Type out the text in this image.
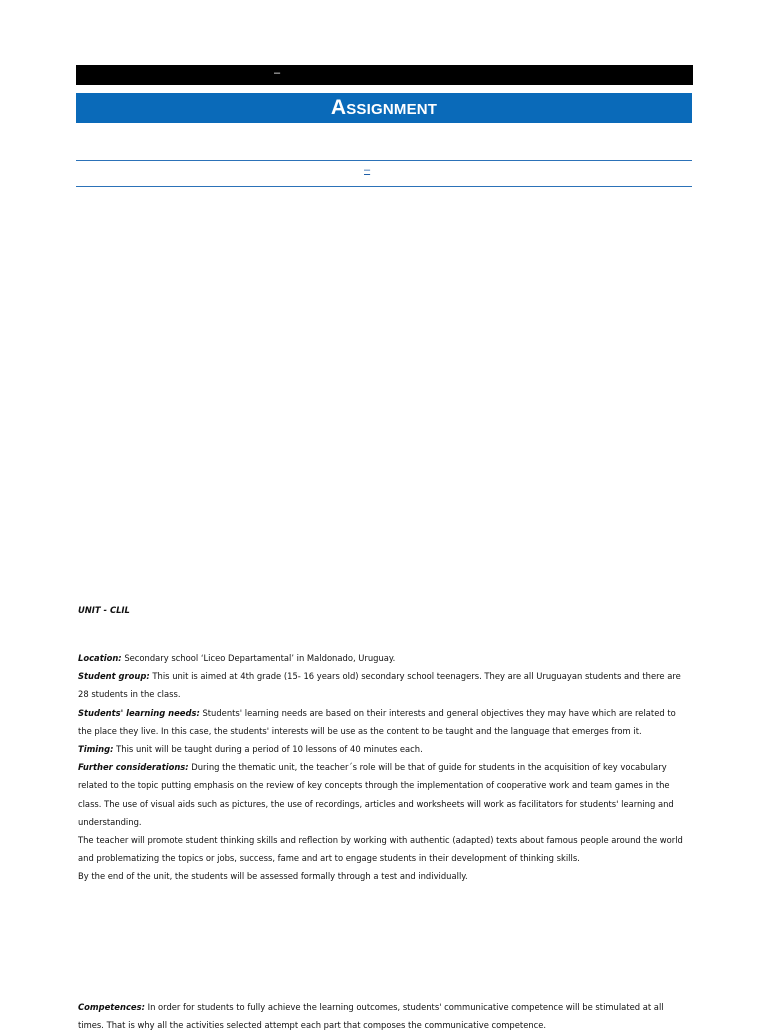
–
Assignment
–
UNIT - CLIL

Location: Secondary school ‘Liceo Departamental’ in Maldonado, Uruguay.

Student group: This unit is aimed at 4th grade (15- 16 years old) secondary school teenagers. They are all Uruguayan students and there are 28 students in the class.

Students' learning needs: Students' learning needs are based on their interests and general objectives they may have which are related to the place they live. In this case, the students' interests will be use as the content to be taught and the language that emerges from it.

Timing: This unit will be taught during a period of 10 lessons of 40 minutes each.

Further considerations: During the thematic unit, the teacher´s role will be that of guide for students in the acquisition of key vocabulary related to the topic putting emphasis on the review of key concepts through the implementation of cooperative work and team games in the class. The use of visual aids such as pictures, the use of recordings, articles and worksheets will work as facilitators for students' learning and understanding.

The teacher will promote student thinking skills and reflection by working with authentic (adapted) texts about famous people around the world and problematizing the topics or jobs, success, fame and art to engage students in their development of thinking skills.

By the end of the unit, the students will be assessed formally through a test and individually.

Competences: In order for students to fully achieve the learning outcomes, students' communicative competence will be stimulated at all times. That is why all the activities selected attempt each part that composes the communicative competence.
